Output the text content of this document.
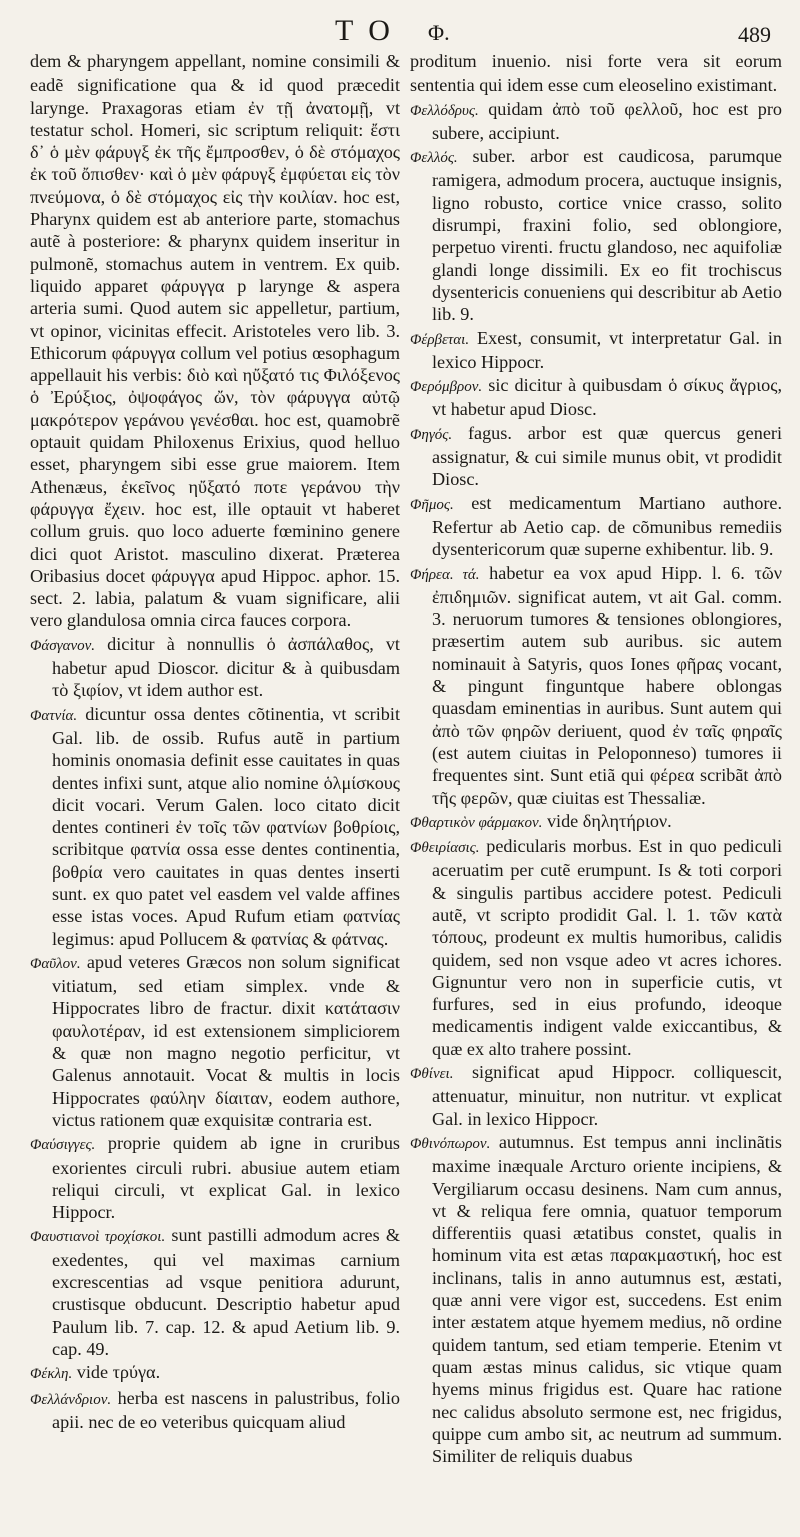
T O Φ.	489

dem & pharyngem appellant, nomine consimili & eadẽ significatione qua & id quod præcedit larynge. Praxagoras etiam ἐν τῇ ἀνατομῇ, vt testatur schol. Homeri, sic scriptum reliquit: ἔστι δ᾽ ὁ μὲν φάρυγξ ἐκ τῆς ἔμπροσθεν, ὁ δὲ στόμαχος ἐκ τοῦ ὄπισθεν· καὶ ὁ μὲν φάρυγξ ἐμφύεται εἰς τὸν πνεύμονα, ὁ δὲ στόμαχος εἰς τὴν κοιλίαν. hoc est, Pharynx quidem est ab anteriore parte, stomachus autẽ à posteriore: & pharynx quidem inseritur in pulmonẽ, stomachus autem in ventrem. Ex quib. liquido apparet φάρυγγα p larynge & aspera arteria sumi. Quod autem sic appelletur, partium, vt opinor, vicinitas effecit. Aristoteles vero lib. 3. Ethicorum φάρυγγα collum vel potius œsophagum appellauit his verbis: διὸ καὶ ηὔξατό τις Φιλόξενος ὁ Ἐρύξιος, ὀψοφάγος ὤν, τὸν φάρυγγα αὐτῷ μακρότερον γεράνου γενέσθαι. hoc est, quamobrẽ optauit quidam Philoxenus Erixius, quod helluo esset, pharyngem sibi esse grue maiorem. Item Athenæus, ἐκεῖνος ηὔξατό ποτε γεράνου τὴν φάρυγγα ἔχειν. hoc est, ille optauit vt haberet collum gruis. quo loco aduerte fœminino genere dici quot Aristot. masculino dixerat. Præterea Oribasius docet φάρυγγα apud Hippoc. aphor. 15. sect. 2. labia, palatum & vuam significare, alii vero glandulosa omnia circa fauces corpora.

Φάσγανον. dicitur à nonnullis ὁ ἀσπάλαθος, vt habetur apud Dioscor. dicitur & à quibusdam τὸ ξιφίον, vt idem author est.

Φατνία. dicuntur ossa dentes cõtinentia, vt scribit Gal. lib. de ossib. Rufus autẽ in partium hominis onomasia definit esse cauitates in quas dentes infixi sunt, atque alio nomine ὁλμίσκους dicit vocari. Verum Galen. loco citato dicit dentes contineri ἐν τοῖς τῶν φατνίων βοθρίοις, scribitque φατνία ossa esse dentes continentia, βοθρία vero cauitates in quas dentes inserti sunt. ex quo patet vel easdem vel valde affines esse istas voces. Apud Rufum etiam φατνίας legimus: apud Pollucem & φατνίας & φάτνας.

Φαῦλον. apud veteres Græcos non solum significat vitiatum, sed etiam simplex. vnde & Hippocrates libro de fractur. dixit κατάτασιν φαυλοτέραν, id est extensionem simpliciorem & quæ non magno negotio perficitur, vt Galenus annotauit. Vocat & multis in locis Hippocrates φαύλην δίαιταν, eodem authore, victus rationem quæ exquisitæ contraria est.

Φαύσιγγες. proprie quidem ab igne in cruribus exorientes circuli rubri. abusiue autem etiam reliqui circuli, vt explicat Gal. in lexico Hippocr.

Φαυστιανοὶ τροχίσκοι. sunt pastilli admodum acres & exedentes, qui vel maximas carnium excrescentias ad vsque penitiora adurunt, crustisque obducunt. Descriptio habetur apud Paulum lib. 7. cap. 12. & apud Aetium lib. 9. cap. 49.

Φέκλη. vide τρύγα.

Φελλάνδριον. herba est nascens in palustribus, folio apii. nec de eo veteribus quicquam aliud

proditum inuenio. nisi forte vera sit eorum sententia qui idem esse cum eleoselino existimant.

Φελλόδρυς. quidam ἀπὸ τοῦ φελλοῦ, hoc est pro subere, accipiunt.

Φελλός. suber. arbor est caudicosa, parumque ramigera, admodum procera, auctuque insignis, ligno robusto, cortice vnice crasso, solito disrumpi, fraxini folio, sed oblongiore, perpetuo virenti. fructu glandoso, nec aquifoliæ glandi longe dissimili. Ex eo fit trochiscus dysentericis conueniens qui describitur ab Aetio lib. 9.

Φέρβεται. Exest, consumit, vt interpretatur Gal. in lexico Hippocr.

Φερόμβρον. sic dicitur à quibusdam ὁ σίκυς ἄγριος, vt habetur apud Diosc.

Φηγός. fagus. arbor est quæ quercus generi assignatur, & cui simile munus obit, vt prodidit Diosc.

Φῆμος. est medicamentum Martiano authore. Refertur ab Aetio cap. de cõmunibus remediis dysentericorum quæ superne exhibentur. lib. 9.

Φήρεα. τά. habetur ea vox apud Hipp. l. 6. τῶν ἐπιδημιῶν. significat autem, vt ait Gal. comm. 3. neruorum tumores & tensiones oblongiores, præsertim autem sub auribus. sic autem nominauit à Satyris, quos Iones φῆρας vocant, & pingunt finguntque habere oblongas quasdam eminentias in auribus. Sunt autem qui ἀπὸ τῶν φηρῶν deriuent, quod ἐν ταῖς φηραῖς (est autem ciuitas in Peloponneso) tumores ii frequentes sint. Sunt etiã qui φέρεα scribãt ἀπὸ τῆς φερῶν, quæ ciuitas est Thessaliæ.

Φθαρτικὸν φάρμακον. vide δηλητήριον.

Φθειρίασις. pedicularis morbus. Est in quo pediculi aceruatim per cutẽ erumpunt. Is & toti corpori & singulis partibus accidere potest. Pediculi autẽ, vt scripto prodidit Gal. l. 1. τῶν κατὰ τόπους, prodeunt ex multis humoribus, calidis quidem, sed non vsque adeo vt acres ichores. Gignuntur vero non in superficie cutis, vt furfures, sed in eius profundo, ideoque medicamentis indigent valde exiccantibus, & quæ ex alto trahere possint.

Φθίνει. significat apud Hippocr. colliquescit, attenuatur, minuitur, non nutritur. vt explicat Gal. in lexico Hippocr.

Φθινόπωρον. autumnus. Est tempus anni inclinãtis maxime inæquale Arcturo oriente incipiens, & Vergiliarum occasu desinens. Nam cum annus, vt & reliqua fere omnia, quatuor temporum differentiis quasi ætatibus constet, qualis in hominum vita est ætas παρακμαστική, hoc est inclinans, talis in anno autumnus est, æstati, quæ anni vere vigor est, succedens. Est enim inter æstatem atque hyemem medius, nõ ordine quidem tantum, sed etiam temperie. Etenim vt quam æstas minus calidus, sic vtique quam hyems minus frigidus est. Quare hac ratione nec calidus absoluto sermone est, nec frigidus, quippe cum ambo sit, ac neutrum ad summum. Similiter de reliquis duabus
